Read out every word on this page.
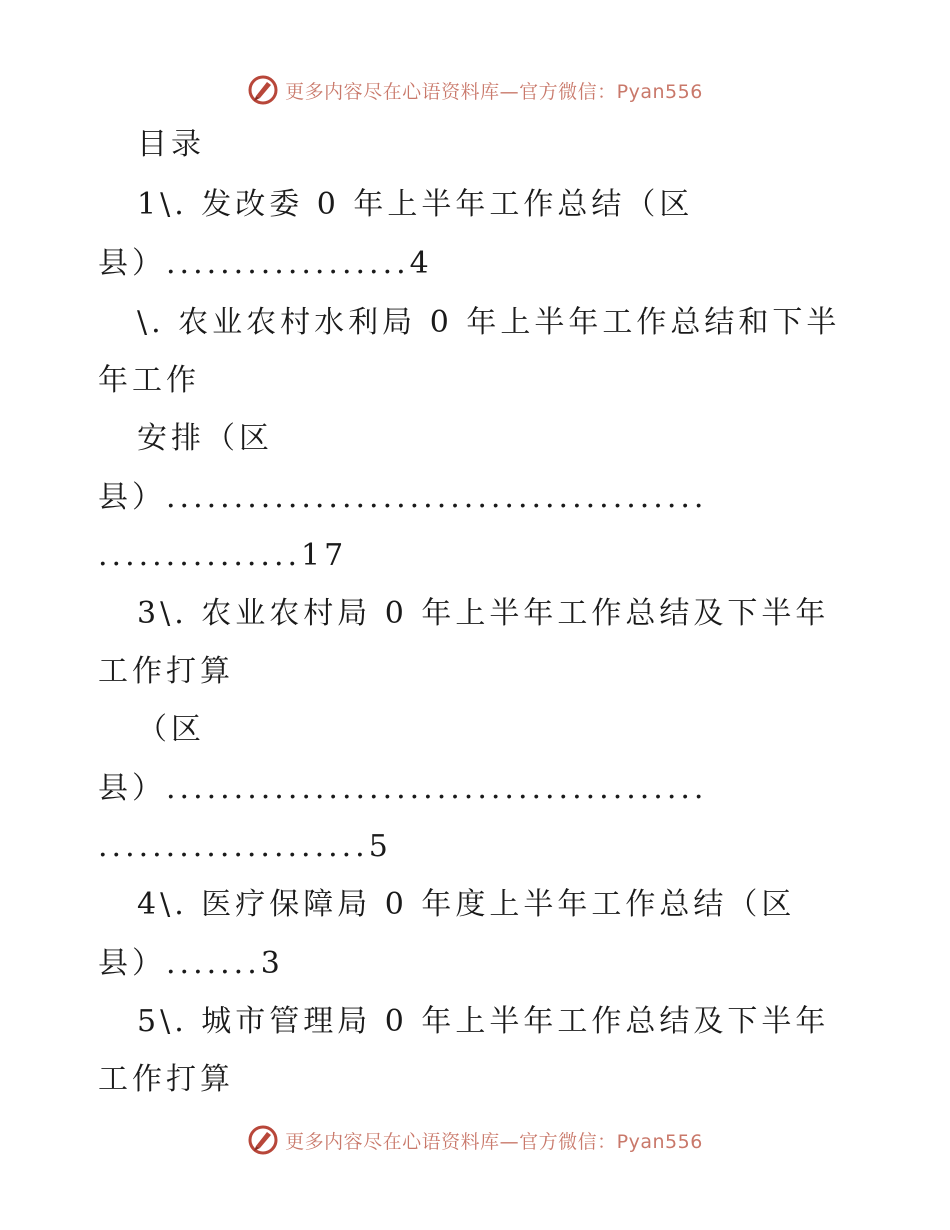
更多内容尽在心语资料库—官方微信：Pyan556
目录
1\. 发改委 0 年上半年工作总结（区
县）..................4
\. 农业农村水利局 0 年上半年工作总结和下半
年工作
安排（区
县）........................................
...............17
3\. 农业农村局 0 年上半年工作总结及下半年
工作打算
（区
县）........................................
....................5
4\. 医疗保障局 0 年度上半年工作总结（区
县）.......3
5\. 城市管理局 0 年上半年工作总结及下半年
工作打算
更多内容尽在心语资料库—官方微信：Pyan556
